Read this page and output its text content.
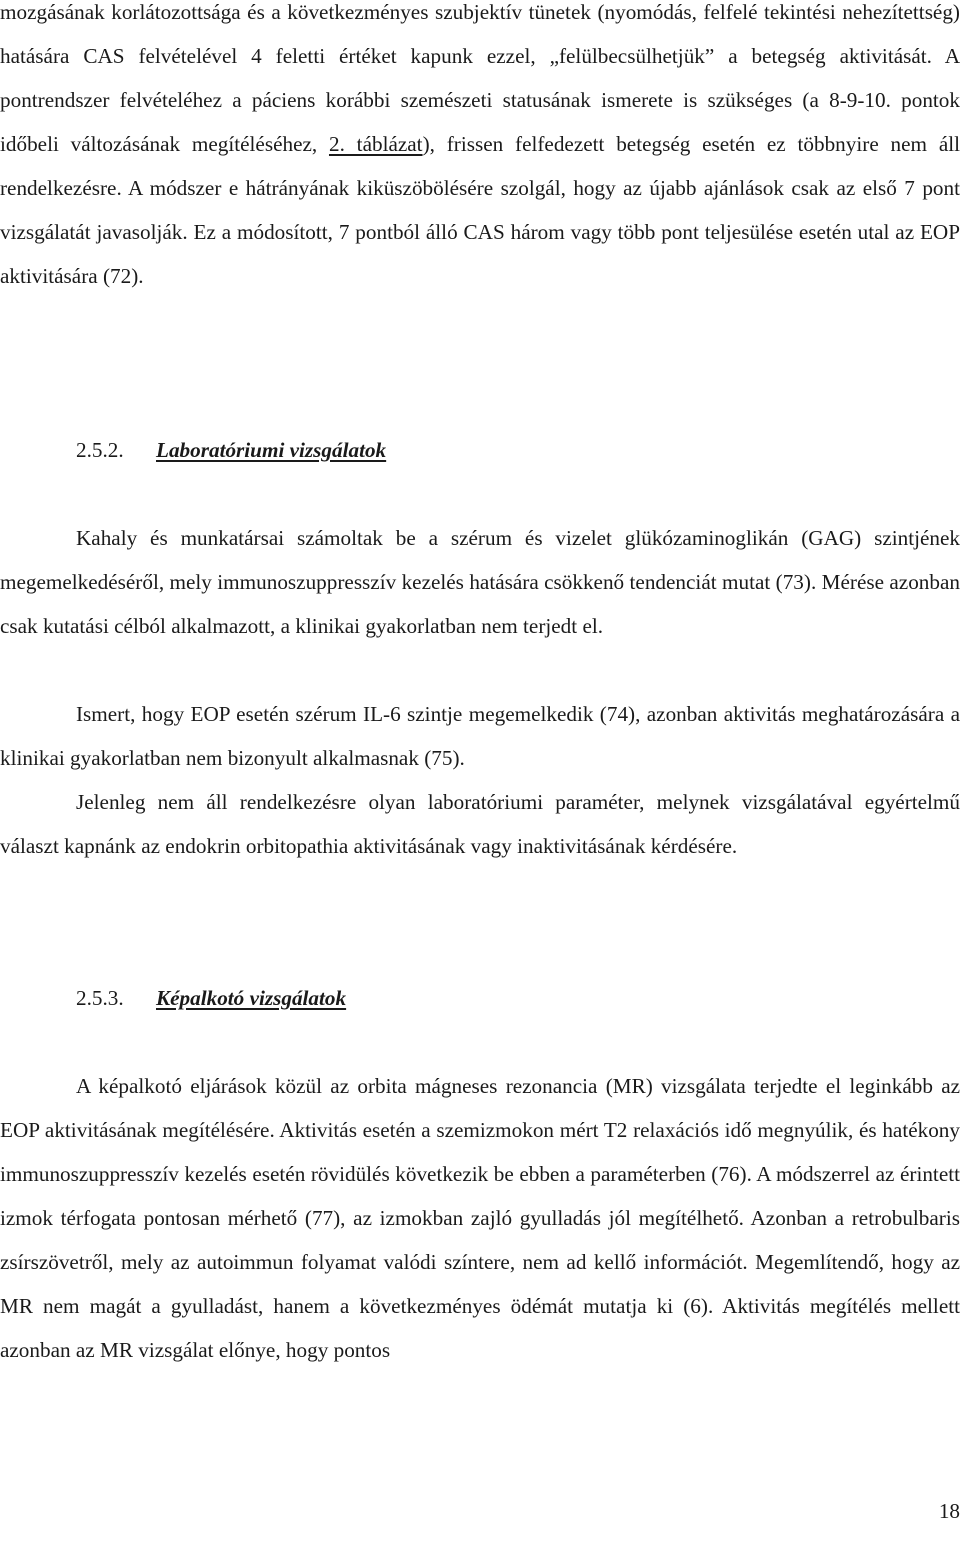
mozgásának korlátozottsága és a következményes szubjektív tünetek (nyomódás, felfelé tekintési nehezítettség) hatására CAS felvételével 4 feletti értéket kapunk ezzel, „felülbecsülhetjük” a betegség aktivitását. A pontrendszer felvételéhez a páciens korábbi szemészeti statusának ismerete is szükséges (a 8-9-10. pontok időbeli változásának megítéléséhez, 2. táblázat), frissen felfedezett betegség esetén ez többnyire nem áll rendelkezésre. A módszer e hátrányának kiküszöbölésére szolgál, hogy az újabb ajánlások csak az első 7 pont vizsgálatát javasolják. Ez a módosított, 7 pontból álló CAS három vagy több pont teljesülése esetén utal az EOP aktivitására (72).

2.5.2. Laboratóriumi vizsgálatok

Kahaly és munkatársai számoltak be a szérum és vizelet glükózaminoglikán (GAG) szintjének megemelkedéséről, mely immunoszuppresszív kezelés hatására csökkenő tendenciát mutat (73). Mérése azonban csak kutatási célból alkalmazott, a klinikai gyakorlatban nem terjedt el.

Ismert, hogy EOP esetén szérum IL-6 szintje megemelkedik (74), azonban aktivitás meghatározására a klinikai gyakorlatban nem bizonyult alkalmasnak (75).

Jelenleg nem áll rendelkezésre olyan laboratóriumi paraméter, melynek vizsgálatával egyértelmű választ kapnánk az endokrin orbitopathia aktivitásának vagy inaktivitásának kérdésére.

2.5.3. Képalkotó vizsgálatok

A képalkotó eljárások közül az orbita mágneses rezonancia (MR) vizsgálata terjedte el leginkább az EOP aktivitásának megítélésére. Aktivitás esetén a szemizmokon mért T2 relaxációs idő megnyúlik, és hatékony immunoszuppresszív kezelés esetén rövidülés következik be ebben a paraméterben (76). A módszerrel az érintett izmok térfogata pontosan mérhető (77), az izmokban zajló gyulladás jól megítélhető. Azonban a retrobulbaris zsírszövetről, mely az autoimmun folyamat valódi színtere, nem ad kellő információt. Megemlítendő, hogy az MR nem magát a gyulladást, hanem a következményes ödémát mutatja ki (6). Aktivitás megítélés mellett azonban az MR vizsgálat előnye, hogy pontos

18
